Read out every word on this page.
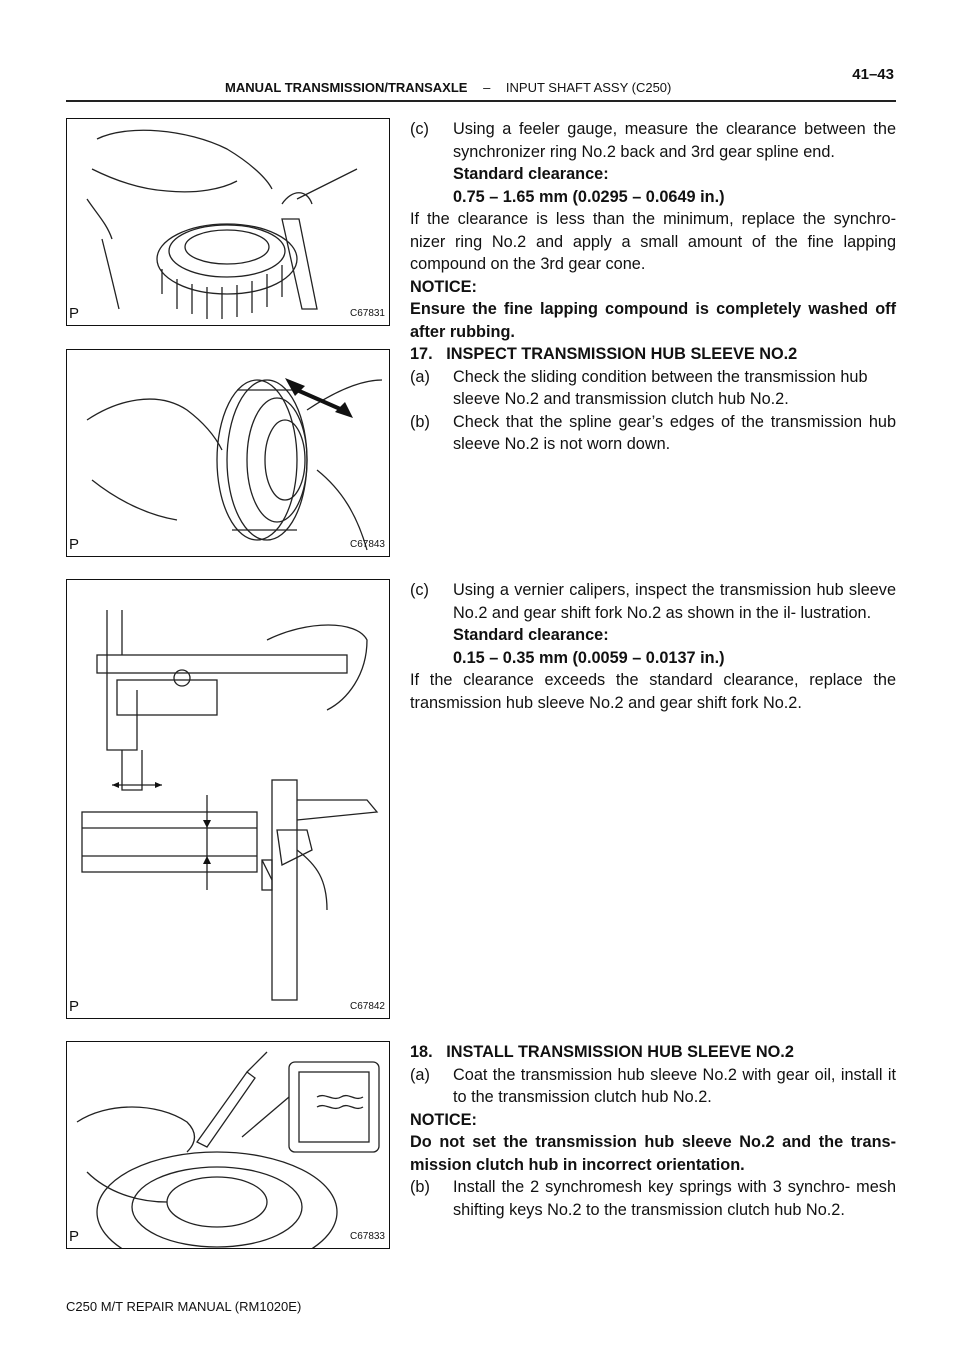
MANUAL TRANSMISSION/TRANSAXLE – INPUT SHAFT ASSY (C250)
41–43
P	C67831
P	C67843
P	C67842
P	C67833
(c) Using a feeler gauge, measure the clearance between the synchronizer ring No.2 back and 3rd gear spline end.

Standard clearance:

0.75 – 1.65 mm (0.0295 – 0.0649 in.)

If the clearance is less than the minimum, replace the synchro- nizer ring No.2 and apply a small amount of the fine lapping compound on the 3rd gear cone.

NOTICE:

Ensure the fine lapping compound is completely washed off after rubbing.

17.   INSPECT TRANSMISSION HUB SLEEVE NO.2

(a) Check the sliding condition between the transmission hub sleeve No.2 and transmission clutch hub No.2.

(b) Check that the spline gear’s edges of the transmission hub sleeve No.2 is not worn down.

(c) Using a vernier calipers, inspect the transmission hub sleeve No.2 and gear shift fork No.2 as shown in the il- lustration.

Standard clearance:

0.15 – 0.35 mm (0.0059 – 0.0137 in.)

If the clearance exceeds the standard clearance, replace the transmission hub sleeve No.2 and gear shift fork No.2.

18.   INSTALL TRANSMISSION HUB SLEEVE NO.2

(a) Coat the transmission hub sleeve No.2 with gear oil, install it to the transmission clutch hub No.2.

NOTICE:

Do not set the transmission hub sleeve No.2 and the trans- mission clutch hub in incorrect orientation.

(b) Install the 2 synchromesh key springs with 3 synchro- mesh shifting keys No.2 to the transmission clutch hub No.2.

C250 M/T REPAIR MANUAL (RM1020E)
